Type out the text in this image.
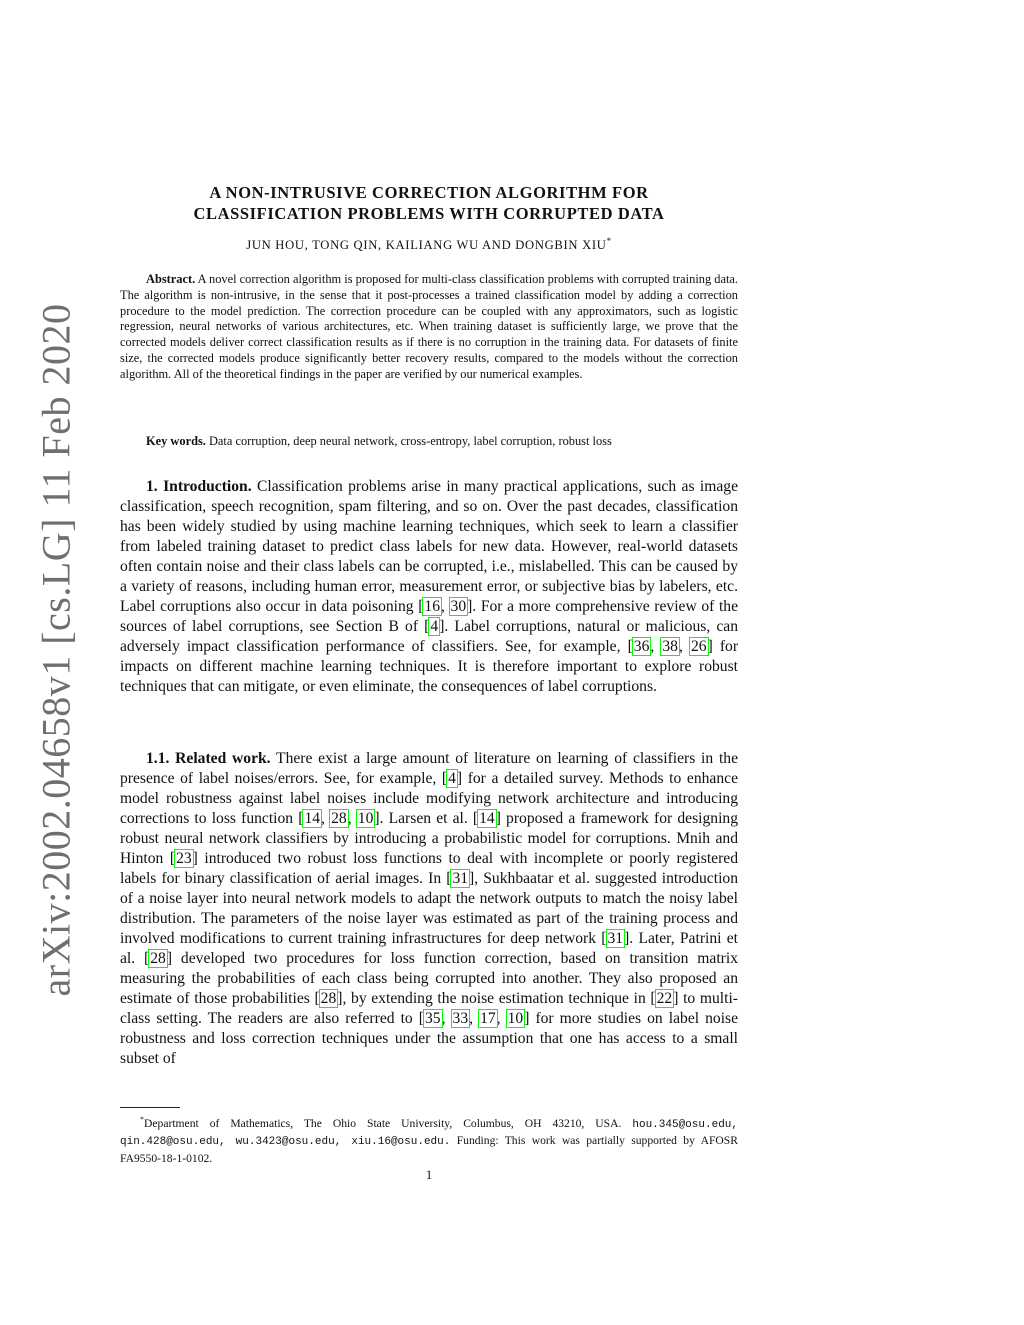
arXiv:2002.04658v1 [cs.LG] 11 Feb 2020
A NON-INTRUSIVE CORRECTION ALGORITHM FOR
CLASSIFICATION PROBLEMS WITH CORRUPTED DATA
JUN HOU, TONG QIN, KAILIANG WU AND DONGBIN XIU*
Abstract. A novel correction algorithm is proposed for multi-class classification problems with corrupted training data. The algorithm is non-intrusive, in the sense that it post-processes a trained classification model by adding a correction procedure to the model prediction. The correction procedure can be coupled with any approximators, such as logistic regression, neural networks of various architectures, etc. When training dataset is sufficiently large, we prove that the corrected models deliver correct classification results as if there is no corruption in the training data. For datasets of finite size, the corrected models produce significantly better recovery results, compared to the models without the correction algorithm. All of the theoretical findings in the paper are verified by our numerical examples.
Key words. Data corruption, deep neural network, cross-entropy, label corruption, robust loss
1. Introduction. Classification problems arise in many practical applications, such as image classification, speech recognition, spam filtering, and so on. Over the past decades, classification has been widely studied by using machine learning techniques, which seek to learn a classifier from labeled training dataset to predict class labels for new data. However, real-world datasets often contain noise and their class labels can be corrupted, i.e., mislabelled. This can be caused by a variety of reasons, including human error, measurement error, or subjective bias by labelers, etc. Label corruptions also occur in data poisoning [16, 30]. For a more comprehensive review of the sources of label corruptions, see Section B of [4]. Label corruptions, natural or malicious, can adversely impact classification performance of classifiers. See, for example, [36, 38, 26] for impacts on different machine learning techniques. It is therefore important to explore robust techniques that can mitigate, or even eliminate, the consequences of label corruptions.
1.1. Related work. There exist a large amount of literature on learning of classifiers in the presence of label noises/errors. See, for example, [4] for a detailed survey. Methods to enhance model robustness against label noises include modifying network architecture and introducing corrections to loss function [14, 28, 10]. Larsen et al. [14] proposed a framework for designing robust neural network classifiers by introducing a probabilistic model for corruptions. Mnih and Hinton [23] introduced two robust loss functions to deal with incomplete or poorly registered labels for binary classification of aerial images. In [31], Sukhbaatar et al. suggested introduction of a noise layer into neural network models to adapt the network outputs to match the noisy label distribution. The parameters of the noise layer was estimated as part of the training process and involved modifications to current training infrastructures for deep network [31]. Later, Patrini et al. [28] developed two procedures for loss function correction, based on transition matrix measuring the probabilities of each class being corrupted into another. They also proposed an estimate of those probabilities [28], by extending the noise estimation technique in [22] to multi-class setting. The readers are also referred to [35, 33, 17, 10] for more studies on label noise robustness and loss correction techniques under the assumption that one has access to a small subset of
*Department of Mathematics, The Ohio State University, Columbus, OH 43210, USA. hou.345@osu.edu, qin.428@osu.edu, wu.3423@osu.edu, xiu.16@osu.edu. Funding: This work was partially supported by AFOSR FA9550-18-1-0102.
1
